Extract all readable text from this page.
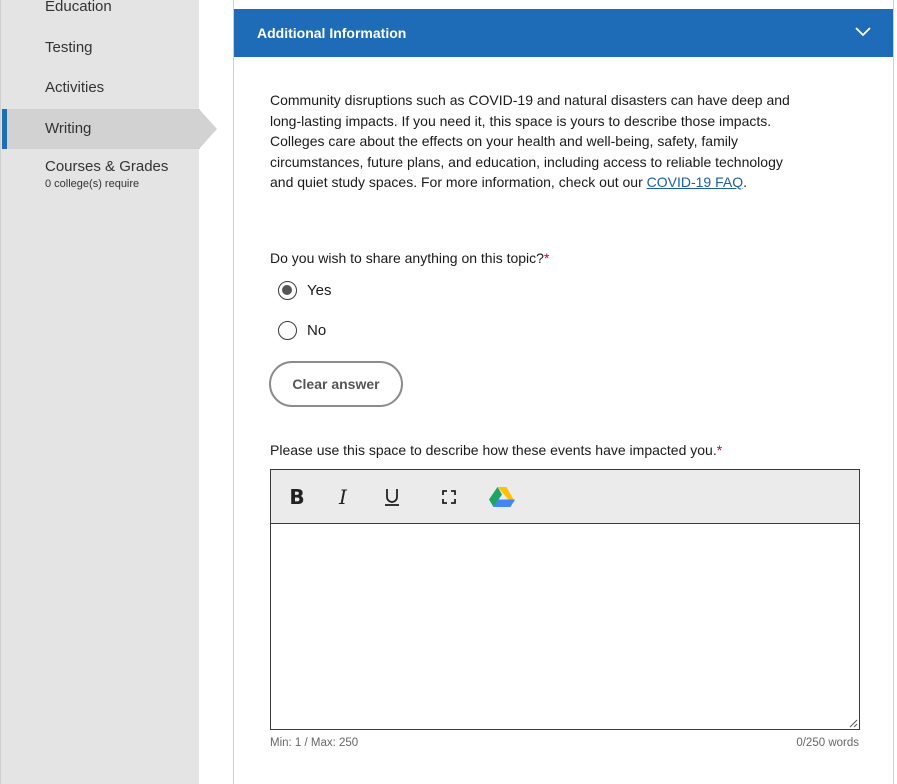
Education
Testing
Activities
Writing
Courses & Grades
0 college(s) require
Additional Information

Community disruptions such as COVID-19 and natural disasters can have deep and long-lasting impacts. If you need it, this space is yours to describe those impacts. Colleges care about the effects on your health and well-being, safety, family circumstances, future plans, and education, including access to reliable technology and quiet study spaces. For more information, check out our COVID-19 FAQ.

Do you wish to share anything on this topic?*
Yes
No
Clear answer
Please use this space to describe how these events have impacted you.*
B I
Min: 1 / Max: 250	0/250 words
